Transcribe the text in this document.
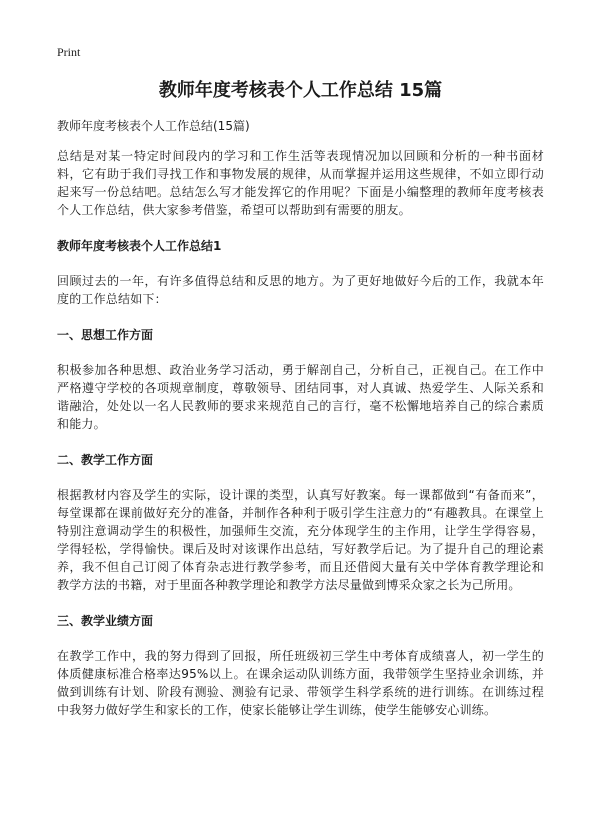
Print
教师年度考核表个人工作总结 15篇
教师年度考核表个人工作总结(15篇)

总结是对某一特定时间段内的学习和工作生活等表现情况加以回顾和分析的一种书面材料，它有助于我们寻找工作和事物发展的规律，从而掌握并运用这些规律，不如立即行动起来写一份总结吧。总结怎么写才能发挥它的作用呢？下面是小编整理的教师年度考核表个人工作总结，供大家参考借鉴，希望可以帮助到有需要的朋友。

教师年度考核表个人工作总结1

回顾过去的一年，有许多值得总结和反思的地方。为了更好地做好今后的工作，我就本年度的工作总结如下：

一、思想工作方面

积极参加各种思想、政治业务学习活动，勇于解剖自己，分析自己，正视自己。在工作中严格遵守学校的各项规章制度，尊敬领导、团结同事，对人真诚、热爱学生、人际关系和谐融洽，处处以一名人民教师的要求来规范自己的言行，毫不松懈地培养自己的综合素质和能力。

二、教学工作方面

根据教材内容及学生的实际，设计课的类型，认真写好教案。每一课都做到“有备而来”，每堂课都在课前做好充分的准备，并制作各种利于吸引学生注意力的“有趣教具。在课堂上特别注意调动学生的积极性，加强师生交流，充分体现学生的主作用，让学生学得容易，学得轻松，学得愉快。课后及时对该课作出总结，写好教学后记。为了提升自己的理论素养，我不但自己订阅了体育杂志进行教学参考，而且还借阅大量有关中学体育教学理论和教学方法的书籍，对于里面各种教学理论和教学方法尽量做到博采众家之长为己所用。

三、教学业绩方面

在教学工作中，我的努力得到了回报，所任班级初三学生中考体育成绩喜人，初一学生的体质健康标准合格率达95%以上。在课余运动队训练方面，我带领学生坚持业余训练，并做到训练有计划、阶段有测验、测验有记录、带领学生科学系统的进行训练。在训练过程中我努力做好学生和家长的工作，使家长能够让学生训练，使学生能够安心训练。
